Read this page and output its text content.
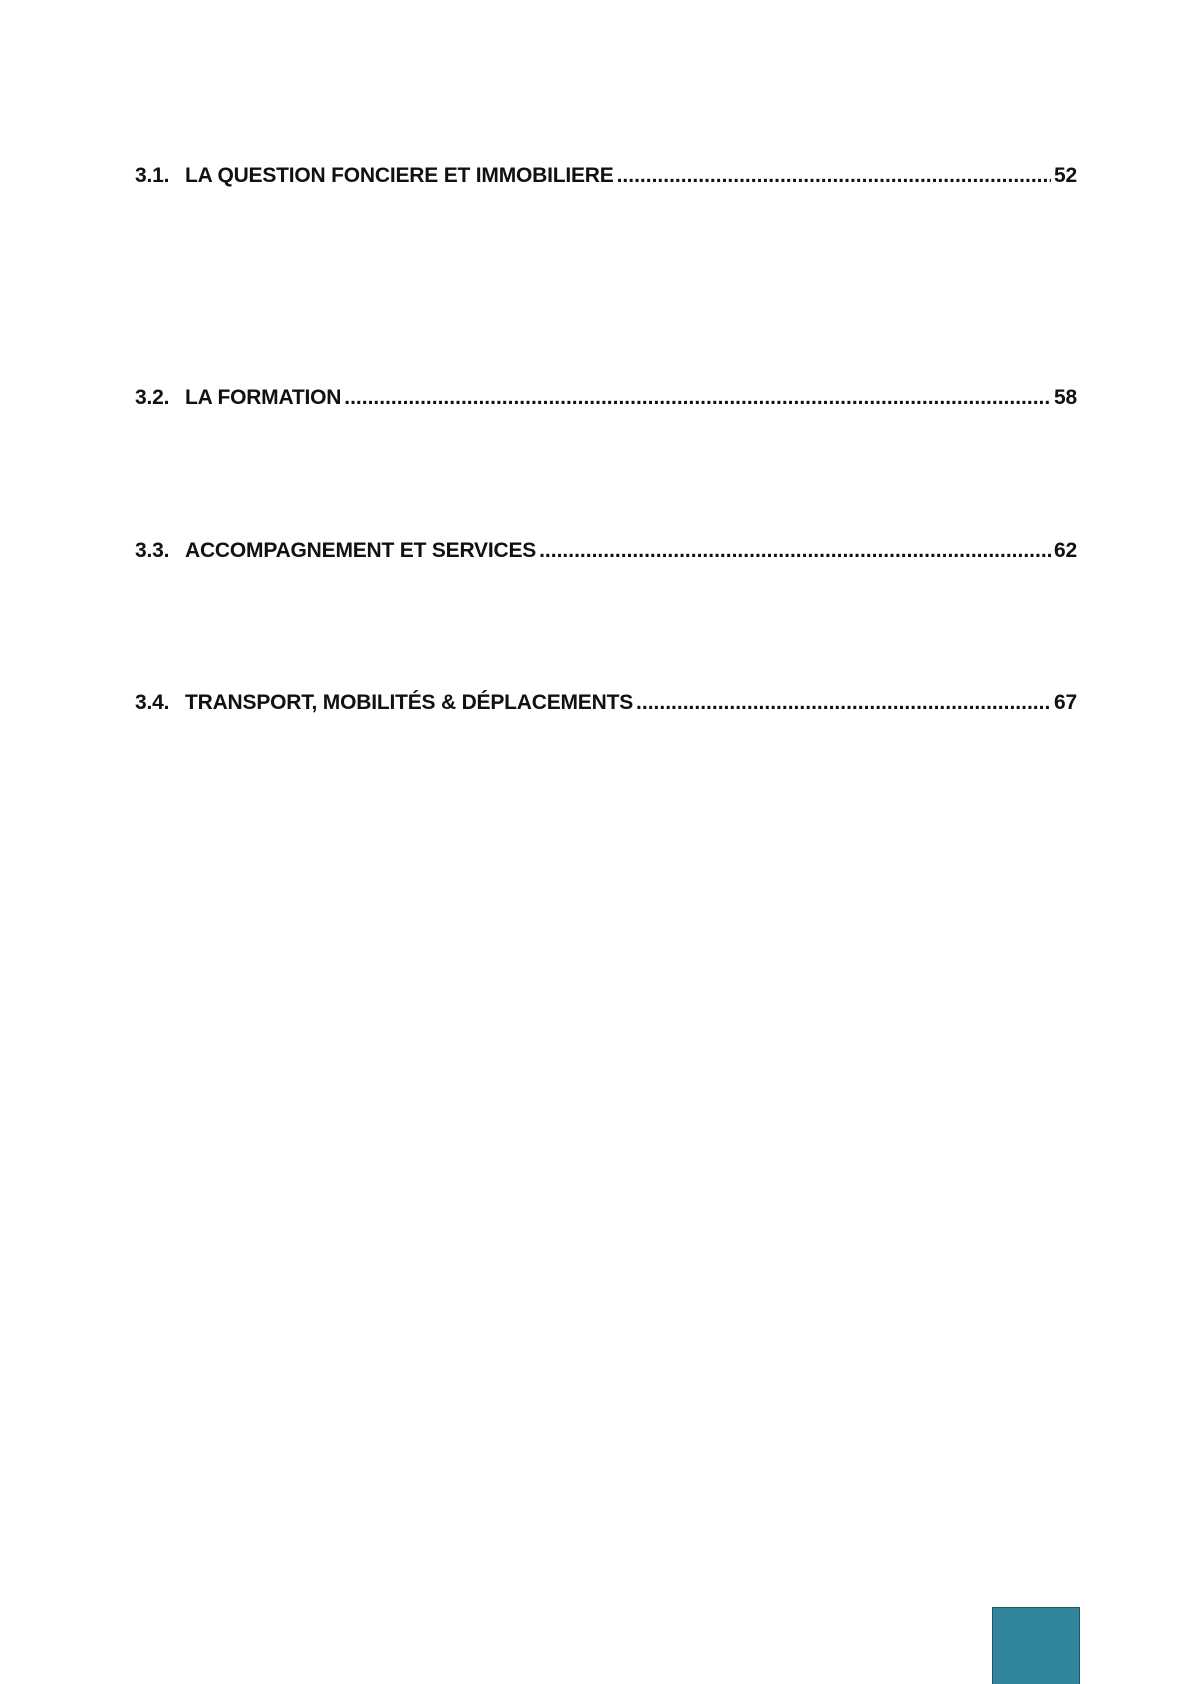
3.1. LA QUESTION FONCIERE ET IMMOBILIERE .....	52
3.2. LA FORMATION .....	58
3.3. ACCOMPAGNEMENT ET SERVICES .....	62
3.4. TRANSPORT, MOBILITÉS & DÉPLACEMENTS .....	67
